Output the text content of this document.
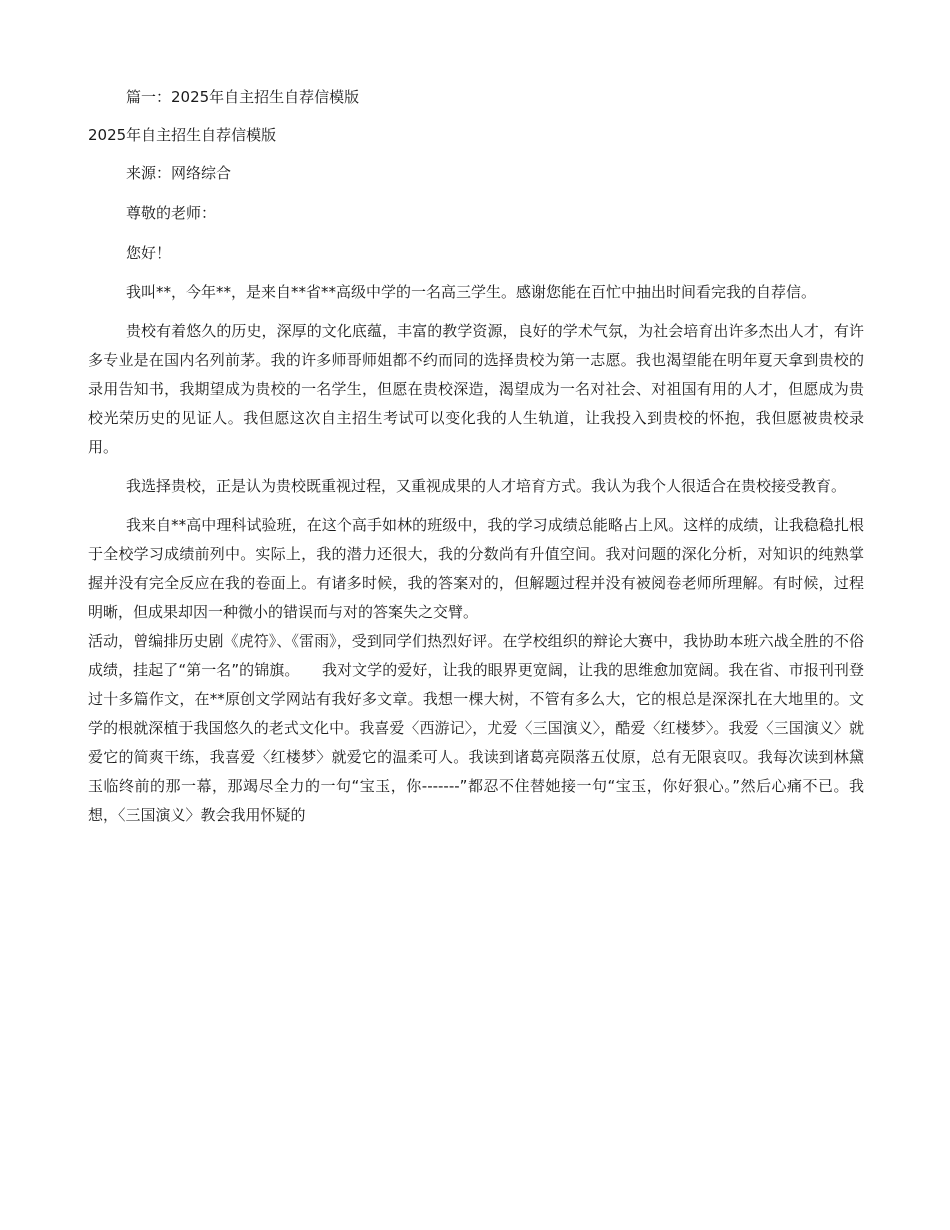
篇一：2025年自主招生自荐信模版
2025年自主招生自荐信模版
来源：网络综合
尊敬的老师：
您好！
我叫**，今年**，是来自**省**高级中学的一名高三学生。感谢您能在百忙中抽出时间看完我的自荐信。
贵校有着悠久的历史，深厚的文化底蕴，丰富的教学资源，良好的学术气氛，为社会培育出许多杰出人才，有许多专业是在国内名列前茅。我的许多师哥师姐都不约而同的选择贵校为第一志愿。我也渴望能在明年夏天拿到贵校的录用告知书，我期望成为贵校的一名学生，但愿在贵校深造，渴望成为一名对社会、对祖国有用的人才，但愿成为贵校光荣历史的见证人。我但愿这次自主招生考试可以变化我的人生轨道，让我投入到贵校的怀抱，我但愿被贵校录用。
我选择贵校，正是认为贵校既重视过程，又重视成果的人才培育方式。我认为我个人很适合在贵校接受教育。
我来自**高中理科试验班，在这个高手如林的班级中，我的学习成绩总能略占上风。这样的成绩，让我稳稳扎根于全校学习成绩前列中。实际上，我的潜力还很大，我的分数尚有升值空间。我对问题的深化分析，对知识的纯熟掌握并没有完全反应在我的卷面上。有诸多时候，我的答案对的，但解题过程并没有被阅卷老师所理解。有时候，过程明晰，但成果却因一种微小的错误而与对的答案失之交臂。
活动，曾编排历史剧《虎符》、《雷雨》，受到同学们热烈好评。在学校组织的辩论大赛中，我协助本班六战全胜的不俗成绩，挂起了“第一名”的锦旗。　　我对文学的爱好，让我的眼界更宽阔，让我的思维愈加宽阔。我在省、市报刊刊登过十多篇作文，在**原创文学网站有我好多文章。我想一棵大树，不管有多么大，它的根总是深深扎在大地里的。文学的根就深植于我国悠久的老式文化中。我喜爱〈西游记〉，尤爱〈三国演义〉，酷爱〈红楼梦〉。我爱〈三国演义〉就爱它的简爽干练，我喜爱〈红楼梦〉就爱它的温柔可人。我读到诸葛亮陨落五仗原，总有无限哀叹。我每次读到林黛玉临终前的那一幕，那竭尽全力的一句“宝玉，你-------”都忍不住替她接一句“宝玉，你好狠心。”然后心痛不已。我想，〈三国演义〉教会我用怀疑的
